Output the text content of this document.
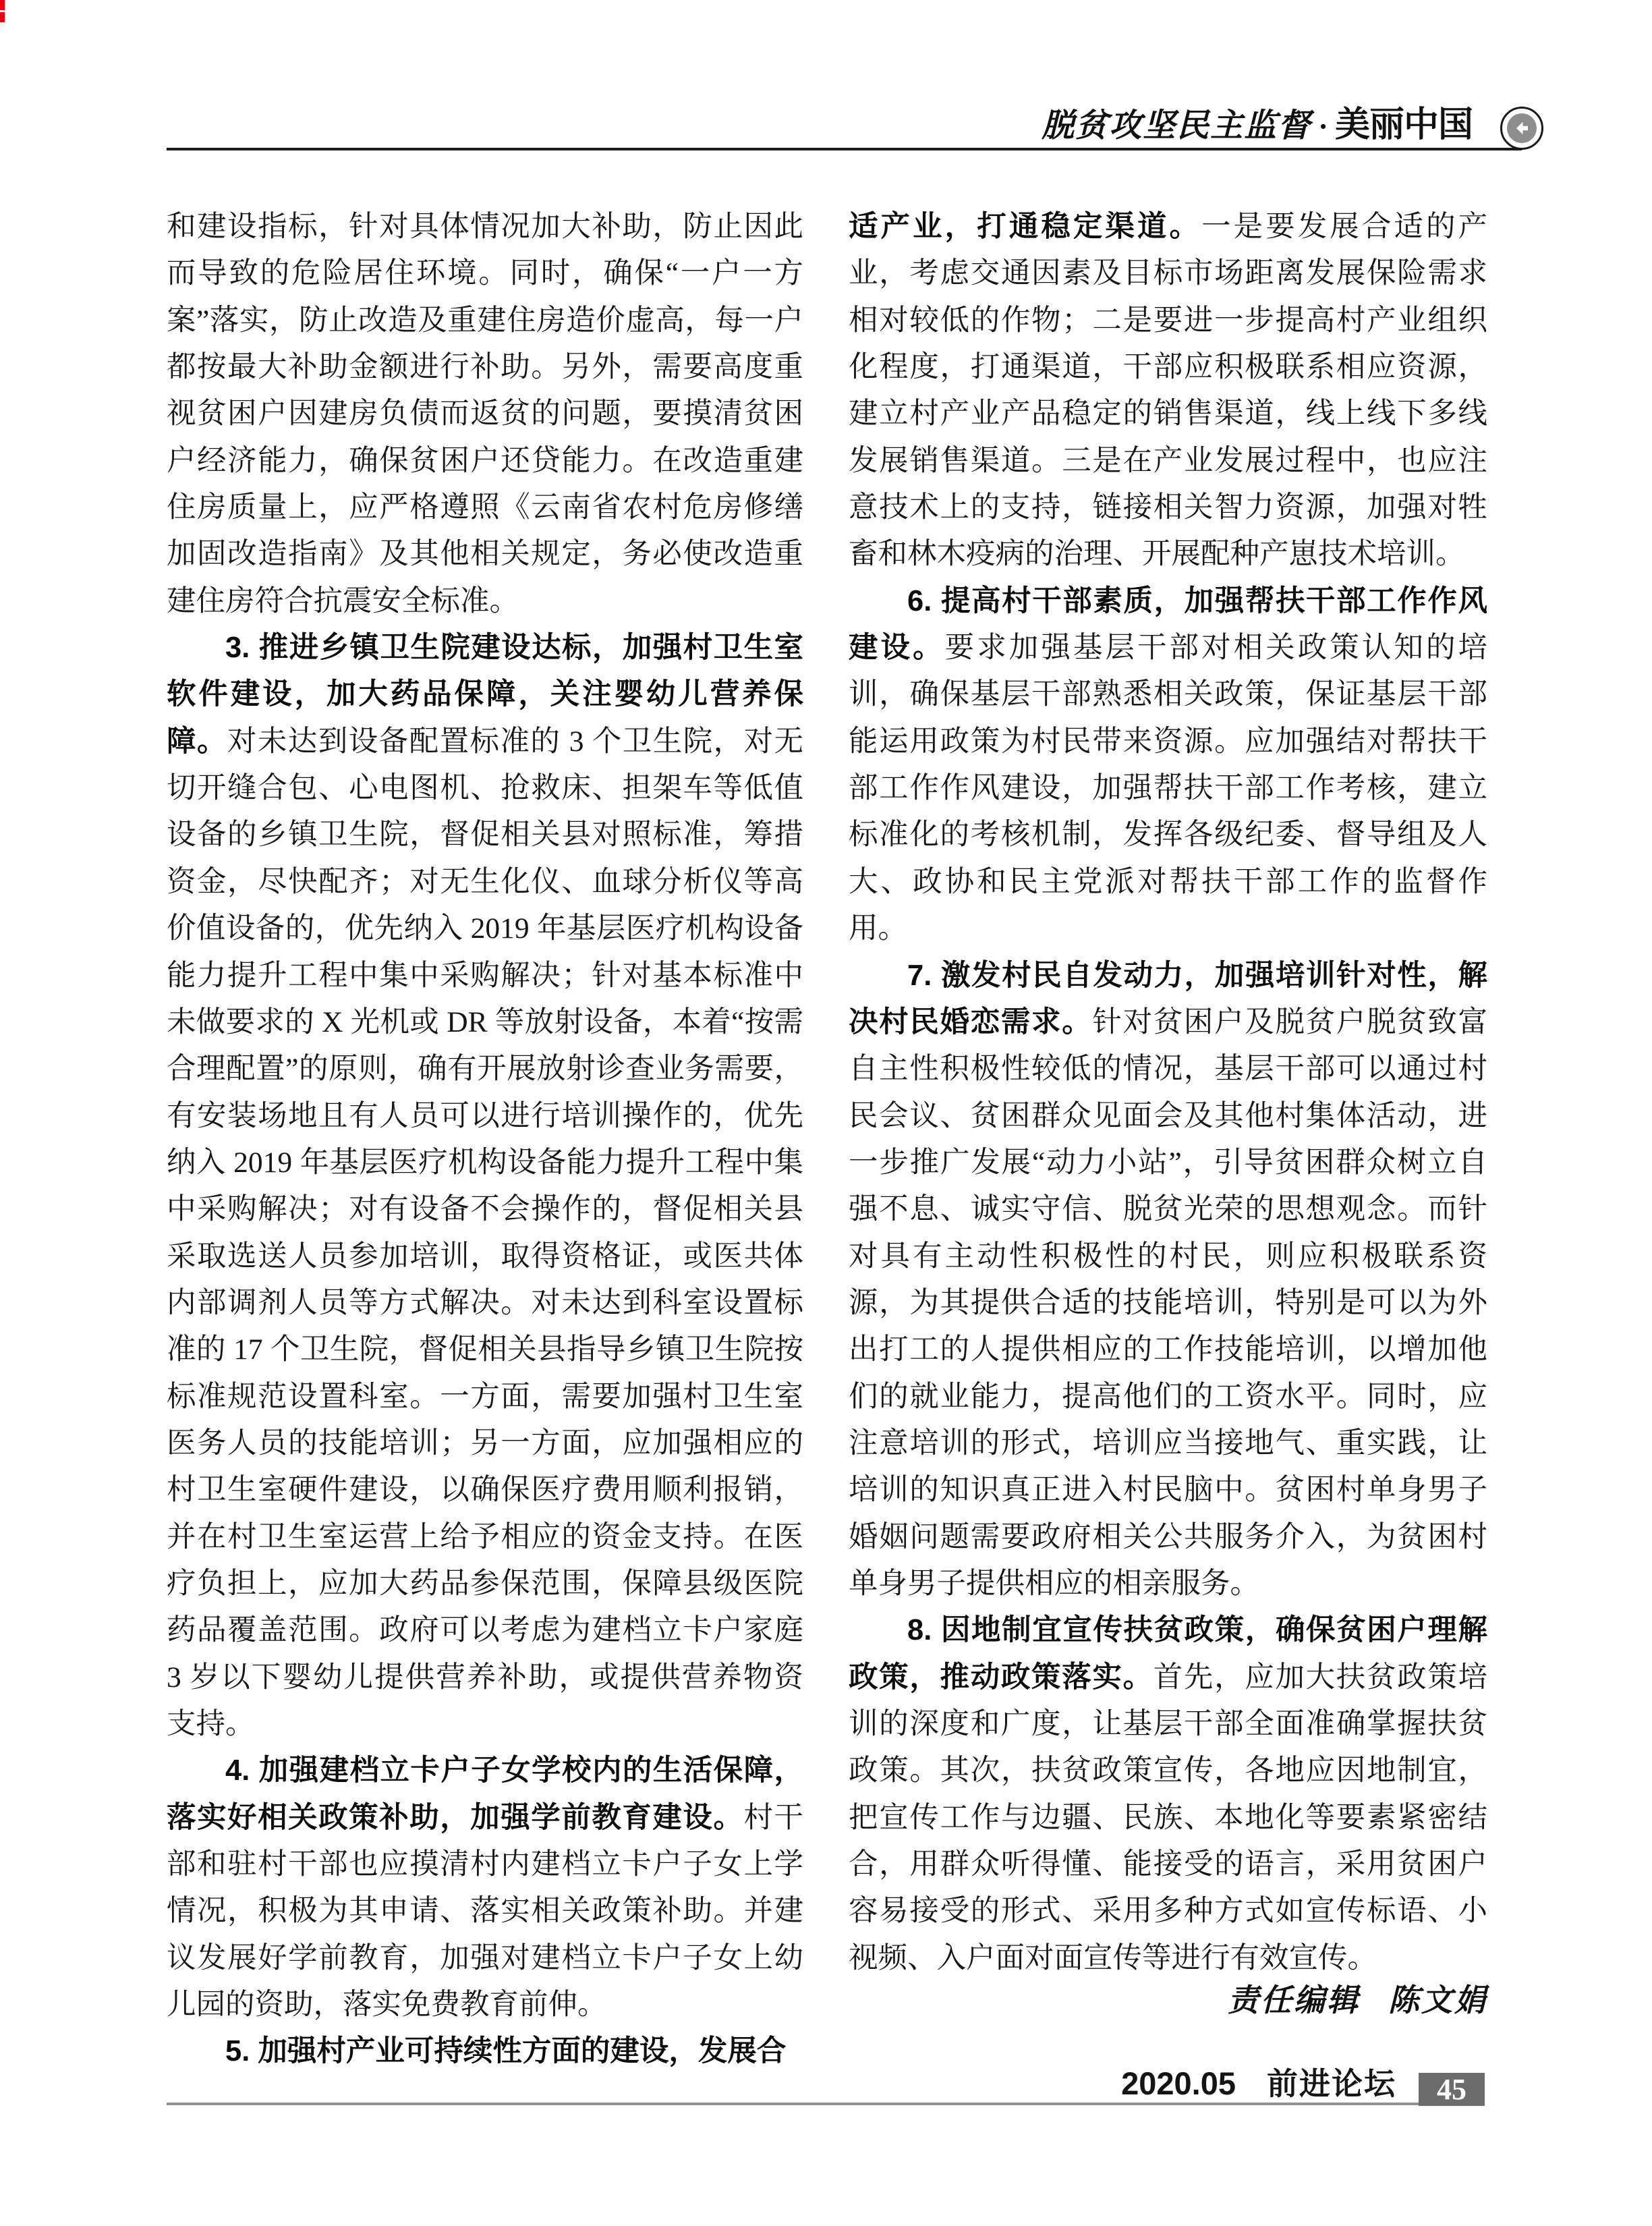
脱贫攻坚民主监督 · 美丽中国

和建设指标，针对具体情况加大补助，防止因此而导致的危险居住环境。同时，确保“一户一方案”落实，防止改造及重建住房造价虚高，每一户都按最大补助金额进行补助。另外，需要高度重视贫困户因建房负债而返贫的问题，要摸清贫困户经济能力，确保贫困户还贷能力。在改造重建住房质量上，应严格遵照《云南省农村危房修缮加固改造指南》及其他相关规定，务必使改造重建住房符合抗震安全标准。

3. 推进乡镇卫生院建设达标，加强村卫生室软件建设，加大药品保障，关注婴幼儿营养保障。对未达到设备配置标准的 3 个卫生院，对无切开缝合包、心电图机、抢救床、担架车等低值设备的乡镇卫生院，督促相关县对照标准，筹措资金，尽快配齐；对无生化仪、血球分析仪等高价值设备的，优先纳入 2019 年基层医疗机构设备能力提升工程中集中采购解决；针对基本标准中未做要求的 X 光机或 DR 等放射设备，本着“按需合理配置”的原则，确有开展放射诊查业务需要，有安装场地且有人员可以进行培训操作的，优先纳入 2019 年基层医疗机构设备能力提升工程中集中采购解决；对有设备不会操作的，督促相关县采取选送人员参加培训，取得资格证，或医共体内部调剂人员等方式解决。对未达到科室设置标准的 17 个卫生院，督促相关县指导乡镇卫生院按标准规范设置科室。一方面，需要加强村卫生室医务人员的技能培训；另一方面，应加强相应的村卫生室硬件建设，以确保医疗费用顺利报销，并在村卫生室运营上给予相应的资金支持。在医疗负担上，应加大药品参保范围，保障县级医院药品覆盖范围。政府可以考虑为建档立卡户家庭 3 岁以下婴幼儿提供营养补助，或提供营养物资支持。

4. 加强建档立卡户子女学校内的生活保障，落实好相关政策补助，加强学前教育建设。村干部和驻村干部也应摸清村内建档立卡户子女上学情况，积极为其申请、落实相关政策补助。并建议发展好学前教育，加强对建档立卡户子女上幼儿园的资助，落实免费教育前伸。

5. 加强村产业可持续性方面的建设，发展合

适产业，打通稳定渠道。一是要发展合适的产业，考虑交通因素及目标市场距离发展保险需求相对较低的作物；二是要进一步提高村产业组织化程度，打通渠道，干部应积极联系相应资源，建立村产业产品稳定的销售渠道，线上线下多线发展销售渠道。三是在产业发展过程中，也应注意技术上的支持，链接相关智力资源，加强对牲畜和林木疫病的治理、开展配种产崽技术培训。

6. 提高村干部素质，加强帮扶干部工作作风建设。要求加强基层干部对相关政策认知的培训，确保基层干部熟悉相关政策，保证基层干部能运用政策为村民带来资源。应加强结对帮扶干部工作作风建设，加强帮扶干部工作考核，建立标准化的考核机制，发挥各级纪委、督导组及人大、政协和民主党派对帮扶干部工作的监督作用。

7. 激发村民自发动力，加强培训针对性，解决村民婚恋需求。针对贫困户及脱贫户脱贫致富自主性积极性较低的情况，基层干部可以通过村民会议、贫困群众见面会及其他村集体活动，进一步推广发展“动力小站”，引导贫困群众树立自强不息、诚实守信、脱贫光荣的思想观念。而针对具有主动性积极性的村民，则应积极联系资源，为其提供合适的技能培训，特别是可以为外出打工的人提供相应的工作技能培训，以增加他们的就业能力，提高他们的工资水平。同时，应注意培训的形式，培训应当接地气、重实践，让培训的知识真正进入村民脑中。贫困村单身男子婚姻问题需要政府相关公共服务介入，为贫困村单身男子提供相应的相亲服务。

8. 因地制宜宣传扶贫政策，确保贫困户理解政策，推动政策落实。首先，应加大扶贫政策培训的深度和广度，让基层干部全面准确掌握扶贫政策。其次，扶贫政策宣传，各地应因地制宜，把宣传工作与边疆、民族、本地化等要素紧密结合，用群众听得懂、能接受的语言，采用贫困户容易接受的形式、采用多种方式如宣传标语、小视频、入户面对面宣传等进行有效宣传。

责任编辑 陈文娟
2020.05 前进论坛	45
